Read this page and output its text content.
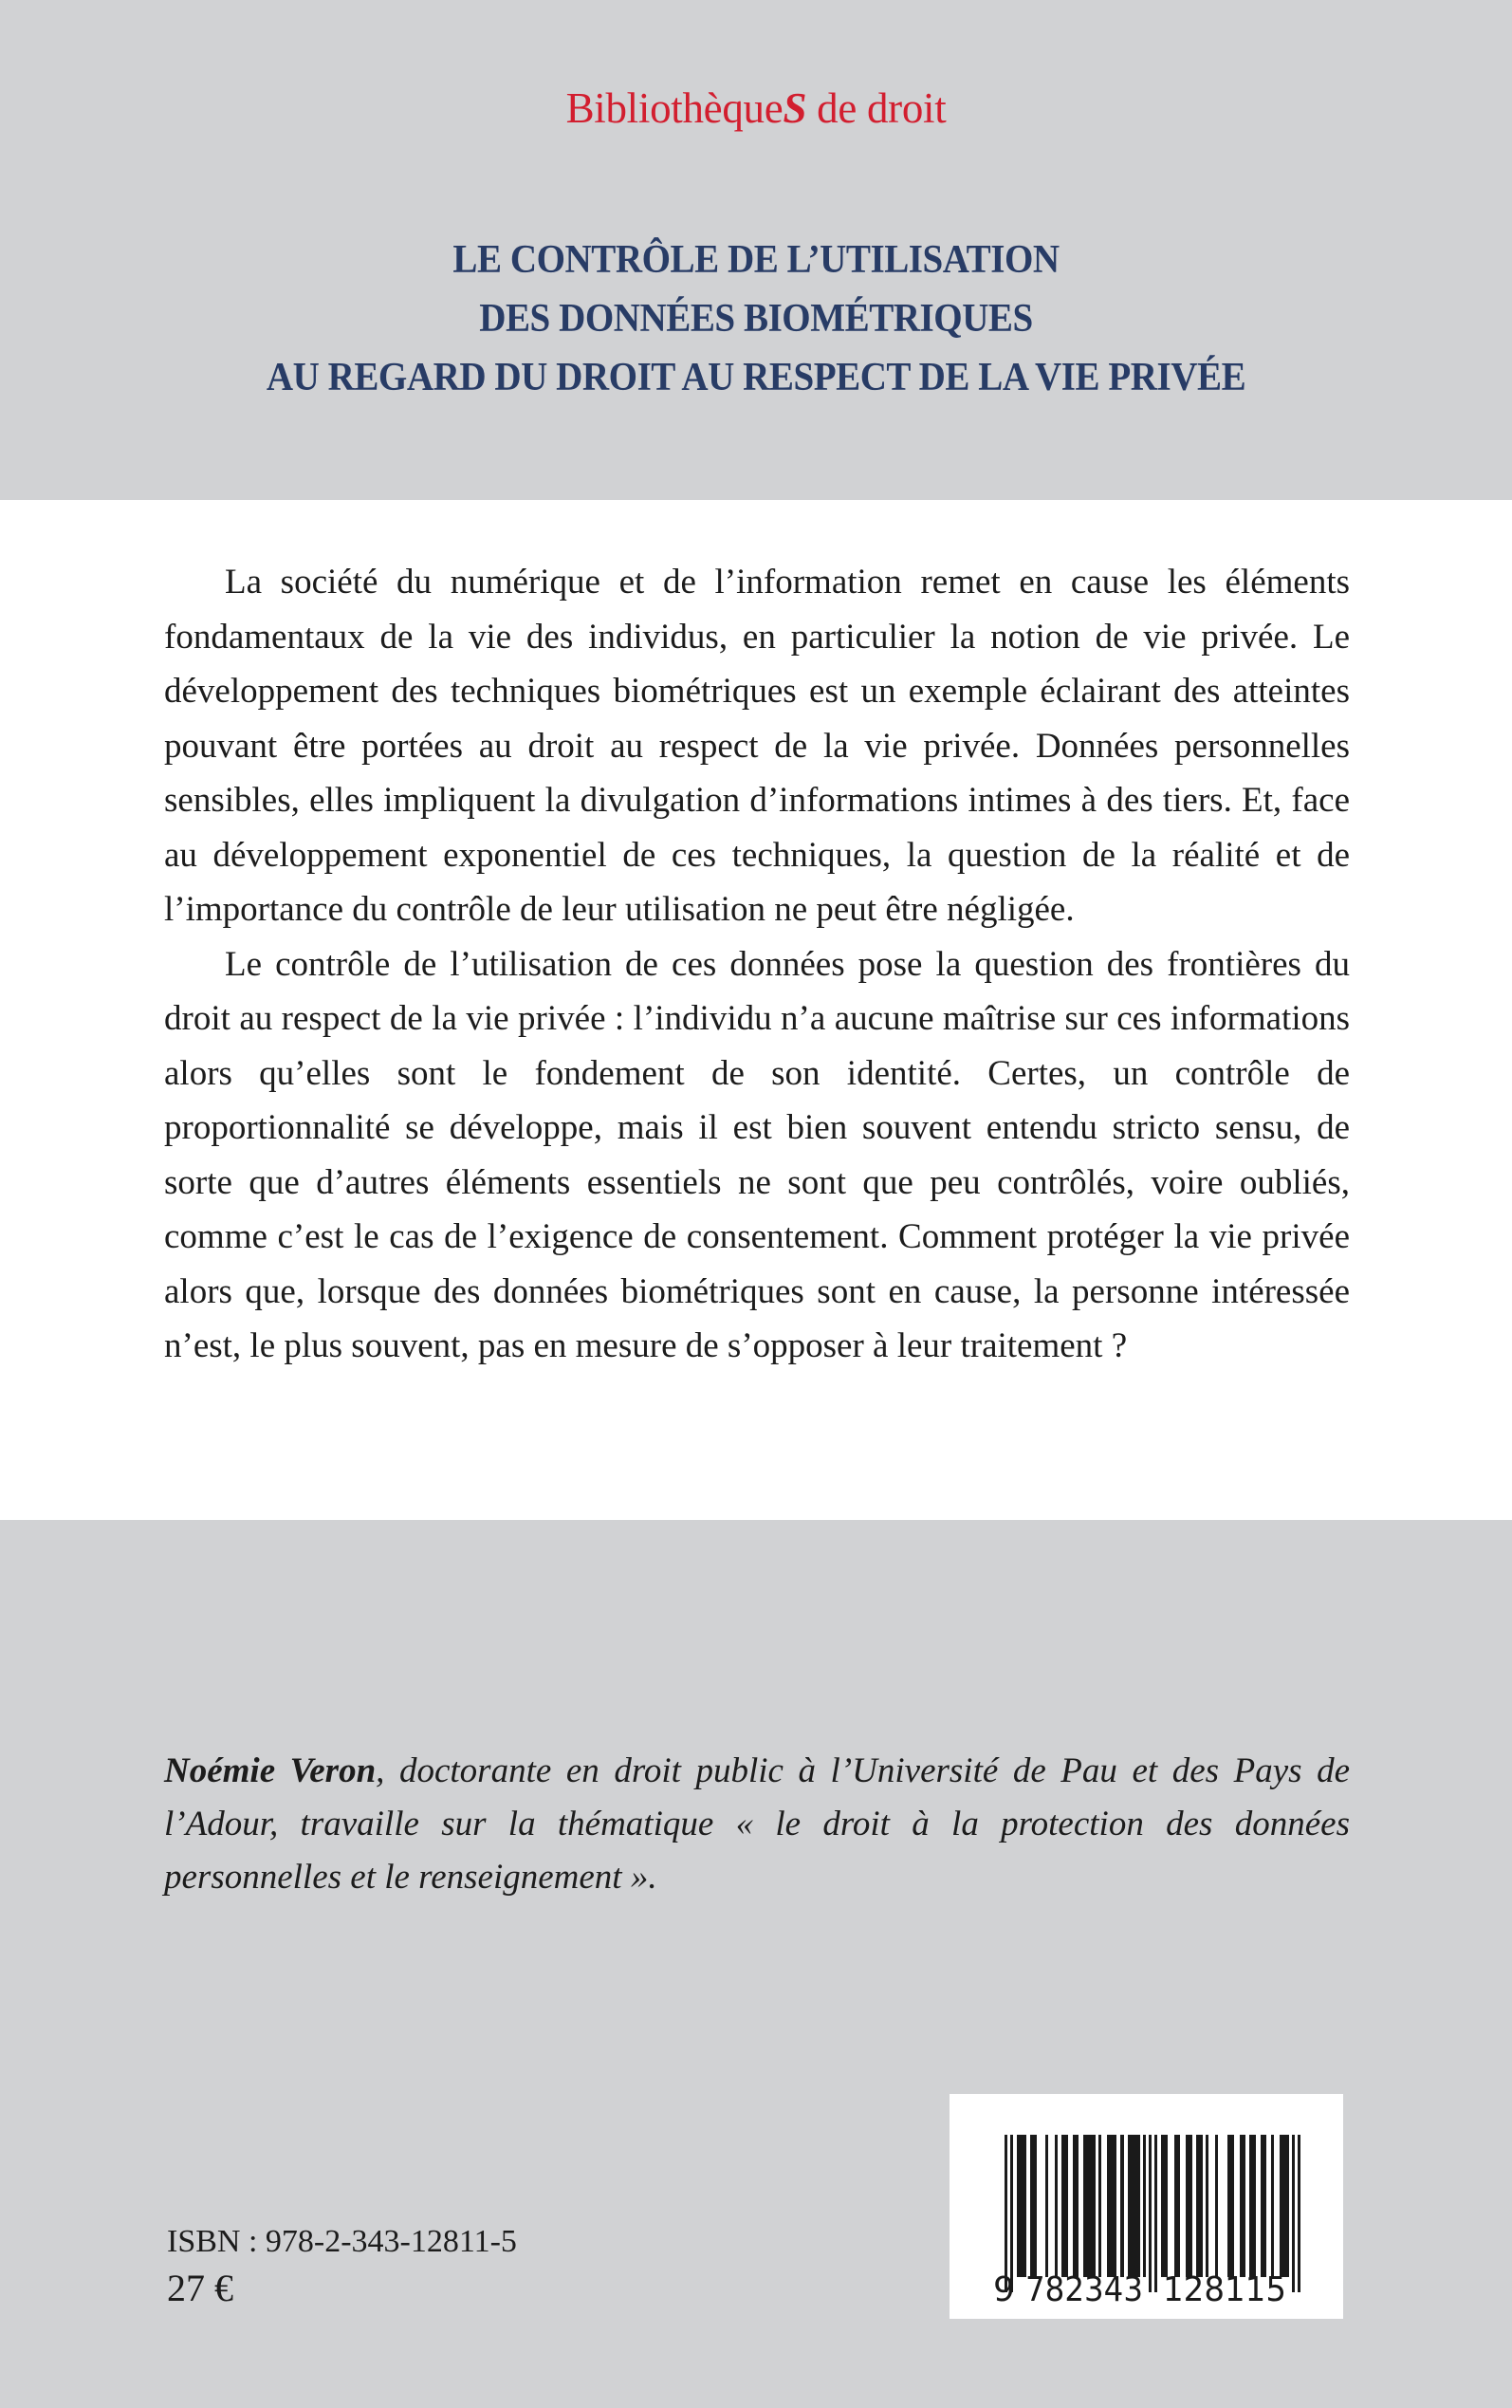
BibliothèqueS de droit
LE CONTRÔLE DE L’UTILISATION
DES DONNÉES BIOMÉTRIQUES
AU REGARD DU DROIT AU RESPECT DE LA VIE PRIVÉE

La société du numérique et de l’information remet en cause les éléments fondamentaux de la vie des individus, en particulier la notion de vie privée. Le développement des techniques biométriques est un exemple éclairant des atteintes pouvant être portées au droit au respect de la vie privée. Données personnelles sensibles, elles impliquent la divulgation d’informations intimes à des tiers. Et, face au développement exponentiel de ces techniques, la question de la réalité et de l’importance du contrôle de leur utilisation ne peut être négligée.

Le contrôle de l’utilisation de ces données pose la question des frontières du droit au respect de la vie privée : l’individu n’a aucune maîtrise sur ces informations alors qu’elles sont le fondement de son identité. Certes, un contrôle de proportionnalité se développe, mais il est bien souvent entendu stricto sensu, de sorte que d’autres éléments essentiels ne sont que peu contrôlés, voire oubliés, comme c’est le cas de l’exigence de consentement. Comment protéger la vie privée alors que, lorsque des données biométriques sont en cause, la personne intéressée n’est, le plus souvent, pas en mesure de s’opposer à leur traitement ?

Noémie Veron, doctorante en droit public à l’Université de Pau et des Pays de l’Adour, travaille sur la thématique « le droit à la protection des données personnelles et le renseignement ».
ISBN : 978-2-343-12811-5
27 €	9 782343 128115
